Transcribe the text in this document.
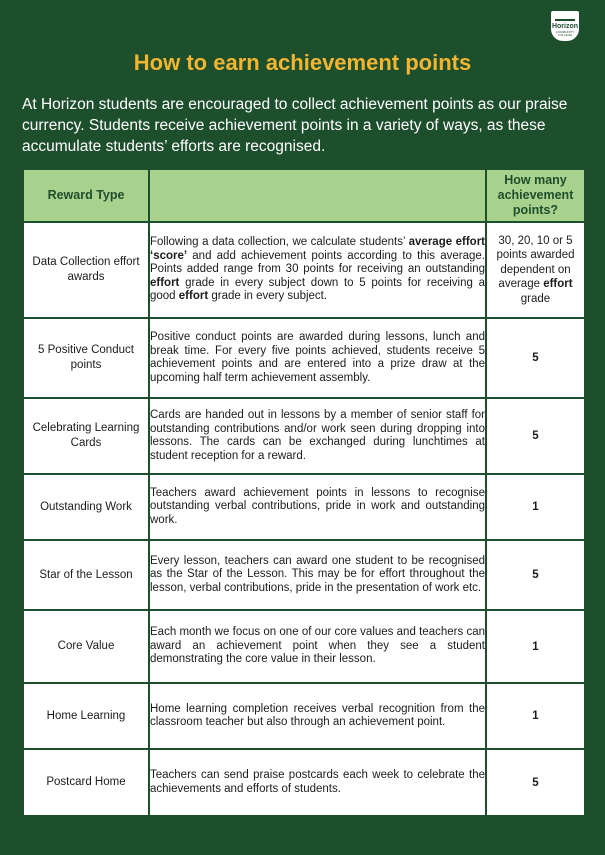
Horizon
COMMUNITY COLLEGE
How to earn achievement points

At Horizon students are encouraged to collect achievement points as our praise currency. Students receive achievement points in a variety of ways, as these accumulate students’ efforts are recognised.

Reward Type		How many achievement points?
Data Collection effort awards	Following a data collection, we calculate students’ average effort ‘score’ and add achievement points according to this average. Points added range from 30 points for receiving an outstanding effort grade in every subject down to 5 points for receiving a good effort grade in every subject.	30, 20, 10 or 5 points awarded dependent on average effort grade
5 Positive Conduct points	Positive conduct points are awarded during lessons, lunch and break time. For every five points achieved, students receive 5 achievement points and are entered into a prize draw at the upcoming half term achievement assembly.	5
Celebrating Learning Cards	Cards are handed out in lessons by a member of senior staff for outstanding contributions and/or work seen during dropping into lessons. The cards can be exchanged during lunchtimes at student reception for a reward.	5
Outstanding Work	Teachers award achievement points in lessons to recognise outstanding verbal contributions, pride in work and outstanding work.	1
Star of the Lesson	Every lesson, teachers can award one student to be recognised as the Star of the Lesson. This may be for effort throughout the lesson, verbal contributions, pride in the presentation of work etc.	5
Core Value	Each month we focus on one of our core values and teachers can award an achievement point when they see a student demonstrating the core value in their lesson.	1
Home Learning	Home learning completion receives verbal recognition from the classroom teacher but also through an achievement point.	1
Postcard Home	Teachers can send praise postcards each week to celebrate the achievements and efforts of students.	5
